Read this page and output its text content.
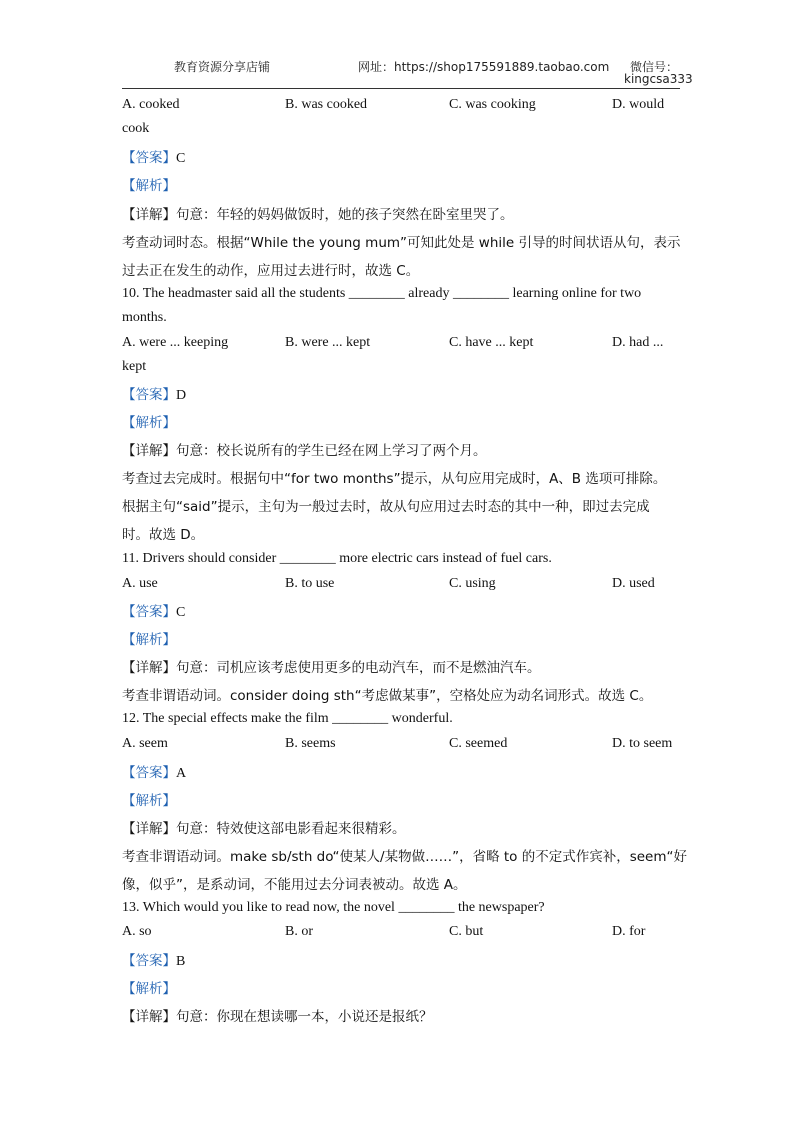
教育资源分享店铺	网址：https://shop175591889.taobao.com	微信号：
kingcsa333
A. cooked	B. was cooked	C. was cooking	D. would
cook
【答案】C
【解析】
【详解】句意：年轻的妈妈做饭时，她的孩子突然在卧室里哭了。
考查动词时态。根据“While the young mum”可知此处是 while 引导的时间状语从句，表示
过去正在发生的动作，应用过去进行时，故选 C。
10. The headmaster said all the students ________ already ________ learning online for two
months.
A. were ... keeping	B. were ... kept	C. have ... kept	D. had ...
kept
【答案】D
【解析】
【详解】句意：校长说所有的学生已经在网上学习了两个月。
考查过去完成时。根据句中“for two months”提示，从句应用完成时，A、B 选项可排除。
根据主句“said”提示，主句为一般过去时，故从句应用过去时态的其中一种，即过去完成
时。故选 D。
11. Drivers should consider ________ more electric cars instead of fuel cars.
A. use	B. to use	C. using	D. used
【答案】C
【解析】
【详解】句意：司机应该考虑使用更多的电动汽车，而不是燃油汽车。
考查非谓语动词。consider doing sth“考虑做某事”，空格处应为动名词形式。故选 C。
12. The special effects make the film ________ wonderful.
A. seem	B. seems	C. seemed	D. to seem
【答案】A
【解析】
【详解】句意：特效使这部电影看起来很精彩。
考查非谓语动词。make sb/sth do“使某人/某物做……”，省略 to 的不定式作宾补，seem“好
像，似乎”，是系动词，不能用过去分词表被动。故选 A。
13. Which would you like to read now, the novel ________ the newspaper?
A. so	B. or	C. but	D. for
【答案】B
【解析】
【详解】句意：你现在想读哪一本，小说还是报纸？
